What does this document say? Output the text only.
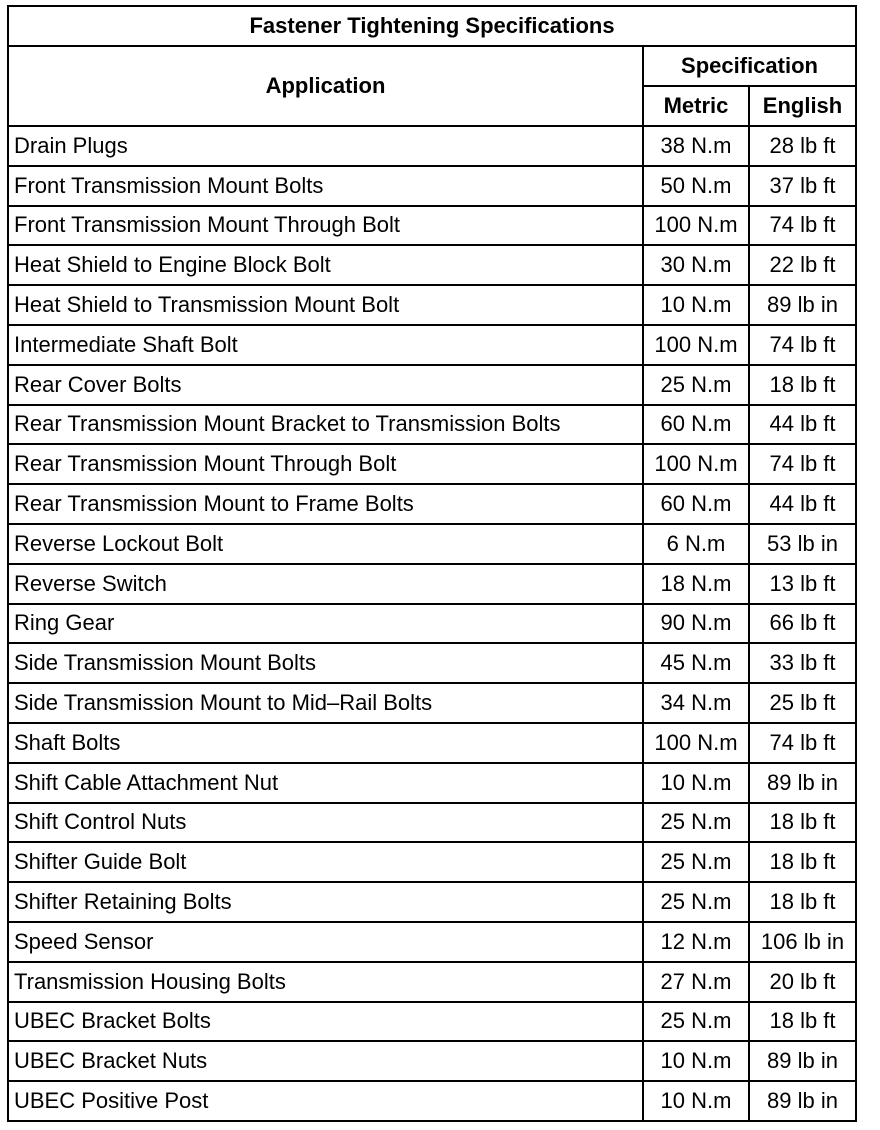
Fastener Tightening Specifications		
Application	Specification	
	Metric	English
Drain Plugs	38 N.m	28 lb ft
Front Transmission Mount Bolts	50 N.m	37 lb ft
Front Transmission Mount Through Bolt	100 N.m	74 lb ft
Heat Shield to Engine Block Bolt	30 N.m	22 lb ft
Heat Shield to Transmission Mount Bolt	10 N.m	89 lb in
Intermediate Shaft Bolt	100 N.m	74 lb ft
Rear Cover Bolts	25 N.m	18 lb ft
Rear Transmission Mount Bracket to Transmission Bolts	60 N.m	44 lb ft
Rear Transmission Mount Through Bolt	100 N.m	74 lb ft
Rear Transmission Mount to Frame Bolts	60 N.m	44 lb ft
Reverse Lockout Bolt	6 N.m	53 lb in
Reverse Switch	18 N.m	13 lb ft
Ring Gear	90 N.m	66 lb ft
Side Transmission Mount Bolts	45 N.m	33 lb ft
Side Transmission Mount to Mid–Rail Bolts	34 N.m	25 lb ft
Shaft Bolts	100 N.m	74 lb ft
Shift Cable Attachment Nut	10 N.m	89 lb in
Shift Control Nuts	25 N.m	18 lb ft
Shifter Guide Bolt	25 N.m	18 lb ft
Shifter Retaining Bolts	25 N.m	18 lb ft
Speed Sensor	12 N.m	106 lb in
Transmission Housing Bolts	27 N.m	20 lb ft
UBEC Bracket Bolts	25 N.m	18 lb ft
UBEC Bracket Nuts	10 N.m	89 lb in
UBEC Positive Post	10 N.m	89 lb in
